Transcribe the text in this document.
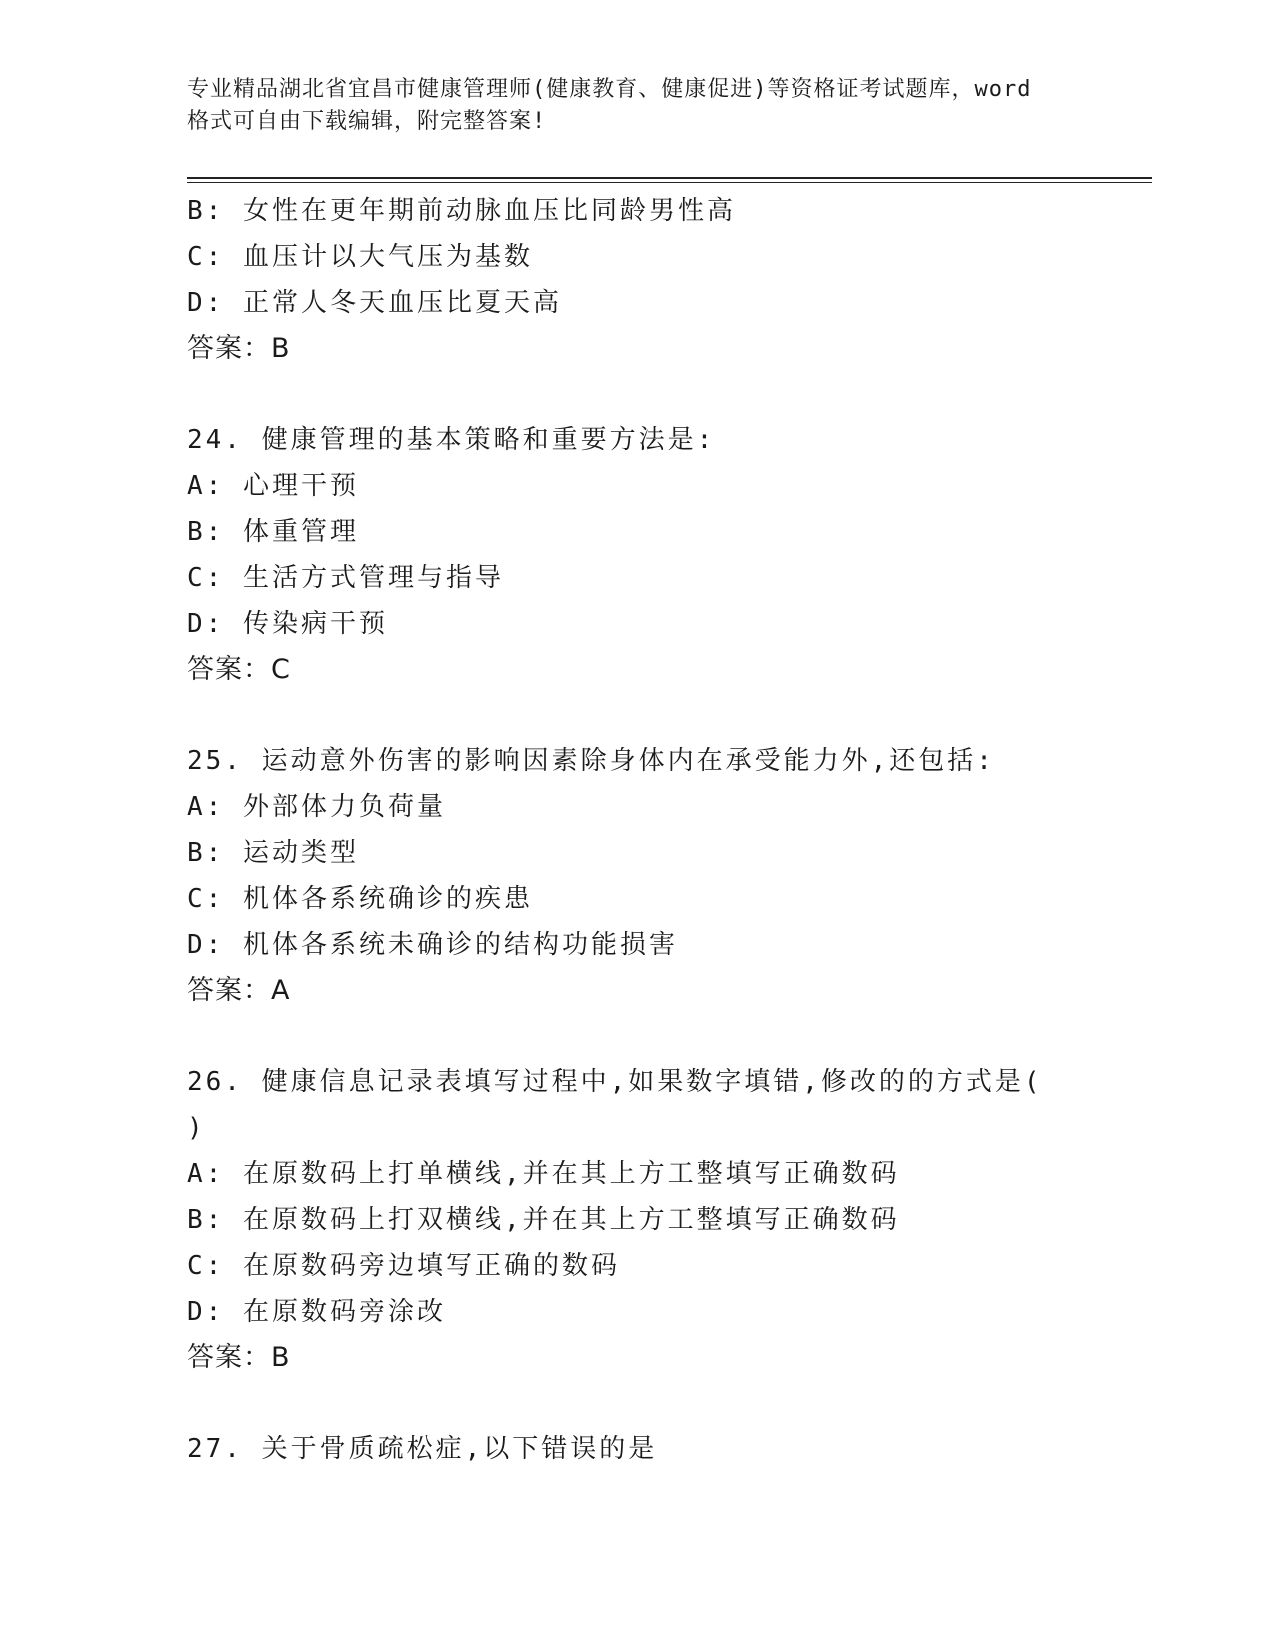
专业精品湖北省宜昌市健康管理师(健康教育、健康促进)等资格证考试题库，word
格式可自由下载编辑，附完整答案!
B: 女性在更年期前动脉血压比同龄男性高
C: 血压计以大气压为基数
D: 正常人冬天血压比夏天高
答案：B
24. 健康管理的基本策略和重要方法是:
A: 心理干预
B: 体重管理
C: 生活方式管理与指导
D: 传染病干预
答案：C
25. 运动意外伤害的影响因素除身体内在承受能力外,还包括:
A: 外部体力负荷量
B: 运动类型
C: 机体各系统确诊的疾患
D: 机体各系统未确诊的结构功能损害
答案：A
26. 健康信息记录表填写过程中,如果数字填错,修改的的方式是(
)
A: 在原数码上打单横线,并在其上方工整填写正确数码
B: 在原数码上打双横线,并在其上方工整填写正确数码
C: 在原数码旁边填写正确的数码
D: 在原数码旁涂改
答案：B
27. 关于骨质疏松症,以下错误的是
